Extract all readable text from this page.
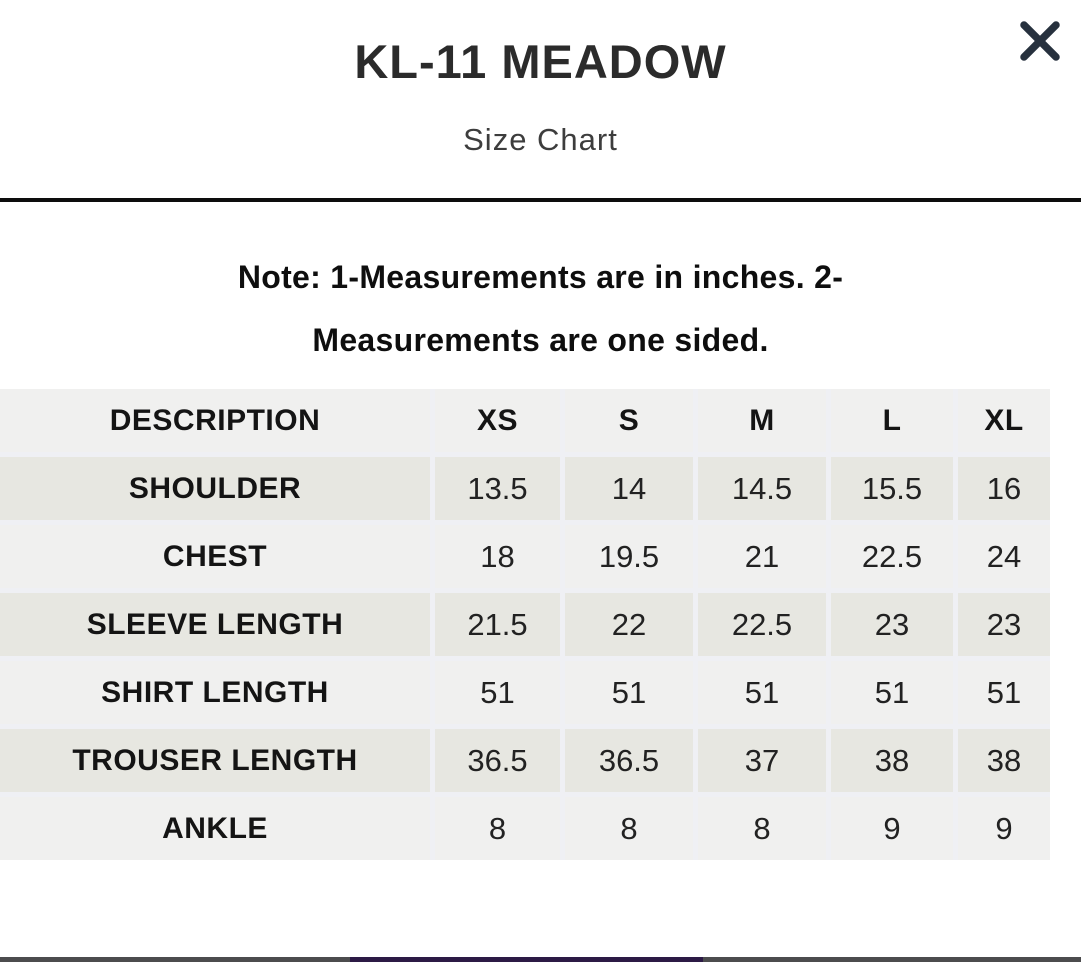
KL-11 MEADOW
Size Chart
Note: 1-Measurements are in inches. 2-
Measurements are one sided.
DESCRIPTION	XS	S	M	L	XL
SHOULDER	13.5	14	14.5	15.5	16
CHEST	18	19.5	21	22.5	24
SLEEVE LENGTH	21.5	22	22.5	23	23
SHIRT LENGTH	51	51	51	51	51
TROUSER LENGTH	36.5	36.5	37	38	38
ANKLE	8	8	8	9	9
